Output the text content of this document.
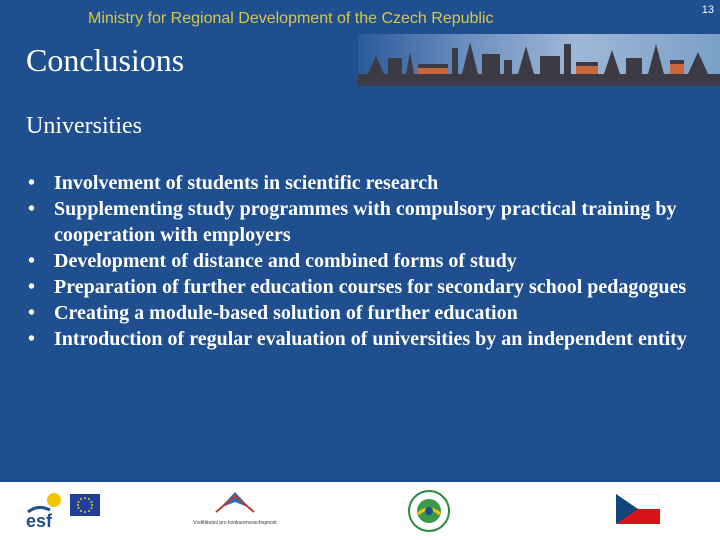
Ministry for Regional Development of the Czech Republic	13
Conclusions
Universities
• Involvement of students in scientific research
• Supplementing study programmes with compulsory practical training by cooperation with employers
• Development of distance and combined forms of study
• Preparation of further education courses for secondary school pedagogues
• Creating a module-based solution of further education
• Introduction of regular evaluation of universities by an independent entity
esf	Vzdělávání pro konkurenceschopnost
